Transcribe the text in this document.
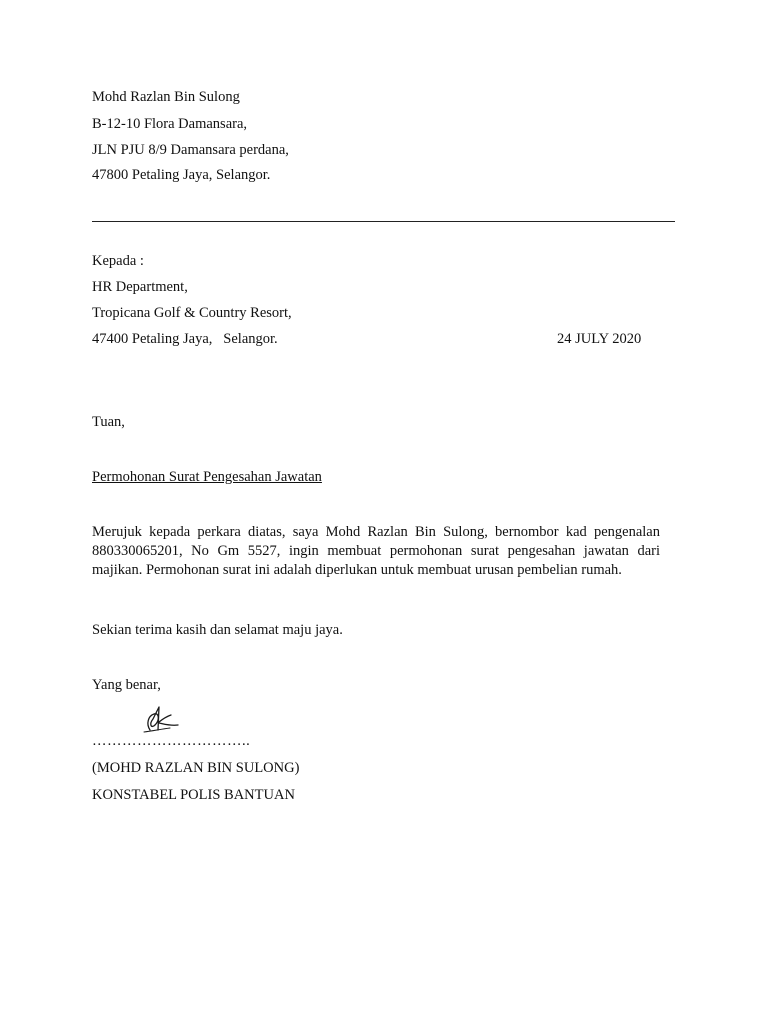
Mohd Razlan Bin Sulong
B-12-10 Flora Damansara,
JLN PJU 8/9 Damansara perdana,
47800 Petaling Jaya, Selangor.
Kepada :
HR Department,
Tropicana Golf & Country Resort,
47400 Petaling Jaya,   Selangor.	24 JULY 2020
Tuan,
Permohonan Surat Pengesahan Jawatan
Merujuk kepada perkara diatas, saya Mohd Razlan Bin Sulong, bernombor kad pengenalan 880330065201, No Gm 5527, ingin membuat permohonan surat pengesahan jawatan dari majikan. Permohonan surat ini adalah diperlukan untuk membuat urusan pembelian rumah.
Sekian terima kasih dan selamat maju jaya.
Yang benar,
…………………………..
(MOHD RAZLAN BIN SULONG)
KONSTABEL POLIS BANTUAN
